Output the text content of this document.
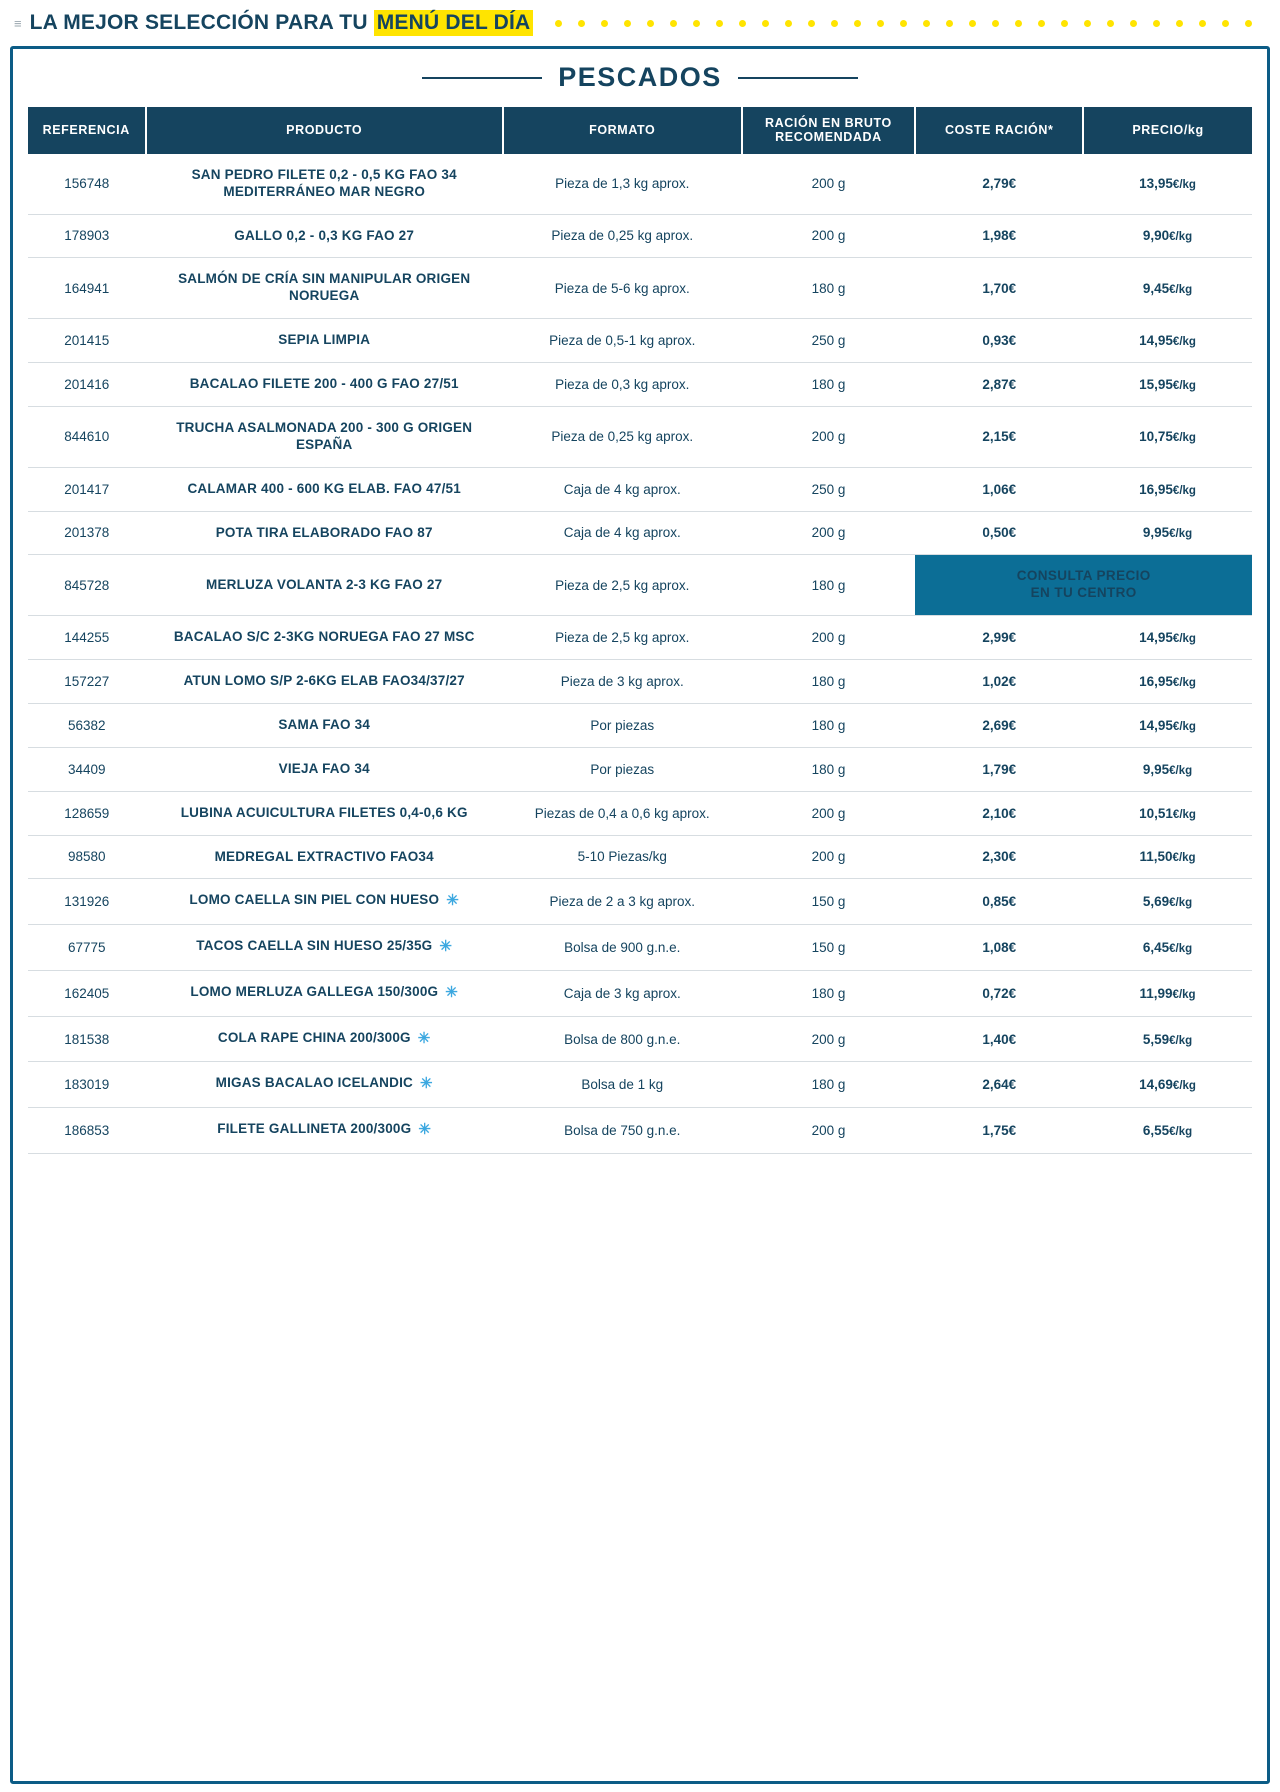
≡ LA MEJOR SELECCIÓN PARA TU MENÚ DEL DÍA
PESCADOS
REFERENCIA	PRODUCTO	FORMATO	RACIÓN EN BRUTO RECOMENDADA	COSTE RACIÓN*	PRECIO/kg
156748	SAN PEDRO FILETE 0,2 - 0,5 KG FAO 34 MEDITERRÁNEO MAR NEGRO	Pieza de 1,3 kg aprox.	200 g	2,79€	13,95€/kg
178903	GALLO 0,2 - 0,3 KG FAO 27	Pieza de 0,25 kg aprox.	200 g	1,98€	9,90€/kg
164941	SALMÓN DE CRÍA SIN MANIPULAR ORIGEN NORUEGA	Pieza de 5-6 kg aprox.	180 g	1,70€	9,45€/kg
201415	SEPIA LIMPIA	Pieza de 0,5-1 kg aprox.	250 g	0,93€	14,95€/kg
201416	BACALAO FILETE 200 - 400 G FAO 27/51	Pieza de 0,3 kg aprox.	180 g	2,87€	15,95€/kg
844610	TRUCHA ASALMONADA 200 - 300 G ORIGEN ESPAÑA	Pieza de 0,25 kg aprox.	200 g	2,15€	10,75€/kg
201417	CALAMAR 400 - 600 KG ELAB. FAO 47/51	Caja de 4 kg aprox.	250 g	1,06€	16,95€/kg
201378	POTA TIRA ELABORADO FAO 87	Caja de 4 kg aprox.	200 g	0,50€	9,95€/kg
845728	MERLUZA VOLANTA 2-3 KG FAO 27	Pieza de 2,5 kg aprox.	180 g	CONSULTA PRECIO
EN TU CENTRO	

144255	BACALAO S/C 2-3KG NORUEGA FAO 27 MSC	Pieza de 2,5 kg aprox.	200 g	2,99€	14,95€/kg
157227	ATUN LOMO S/P 2-6KG ELAB FAO34/37/27	Pieza de 3 kg aprox.	180 g	1,02€	16,95€/kg
56382	SAMA FAO 34	Por piezas	180 g	2,69€	14,95€/kg
34409	VIEJA FAO 34	Por piezas	180 g	1,79€	9,95€/kg
128659	LUBINA ACUICULTURA FILETES 0,4-0,6 KG	Piezas de 0,4 a 0,6 kg aprox.	200 g	2,10€	10,51€/kg
98580	MEDREGAL EXTRACTIVO FAO34	5-10 Piezas/kg	200 g	2,30€	11,50€/kg
131926	LOMO CAELLA SIN PIEL CON HUESO ✳	Pieza de 2 a 3 kg aprox.	150 g	0,85€	5,69€/kg
67775	TACOS CAELLA SIN HUESO 25/35G ✳	Bolsa de 900 g.n.e.	150 g	1,08€	6,45€/kg
162405	LOMO MERLUZA GALLEGA 150/300G ✳	Caja de 3 kg aprox.	180 g	0,72€	11,99€/kg
181538	COLA RAPE CHINA 200/300G ✳	Bolsa de 800 g.n.e.	200 g	1,40€	5,59€/kg
183019	MIGAS BACALAO ICELANDIC ✳	Bolsa de 1 kg	180 g	2,64€	14,69€/kg
186853	FILETE GALLINETA 200/300G ✳	Bolsa de 750 g.n.e.	200 g	1,75€	6,55€/kg
